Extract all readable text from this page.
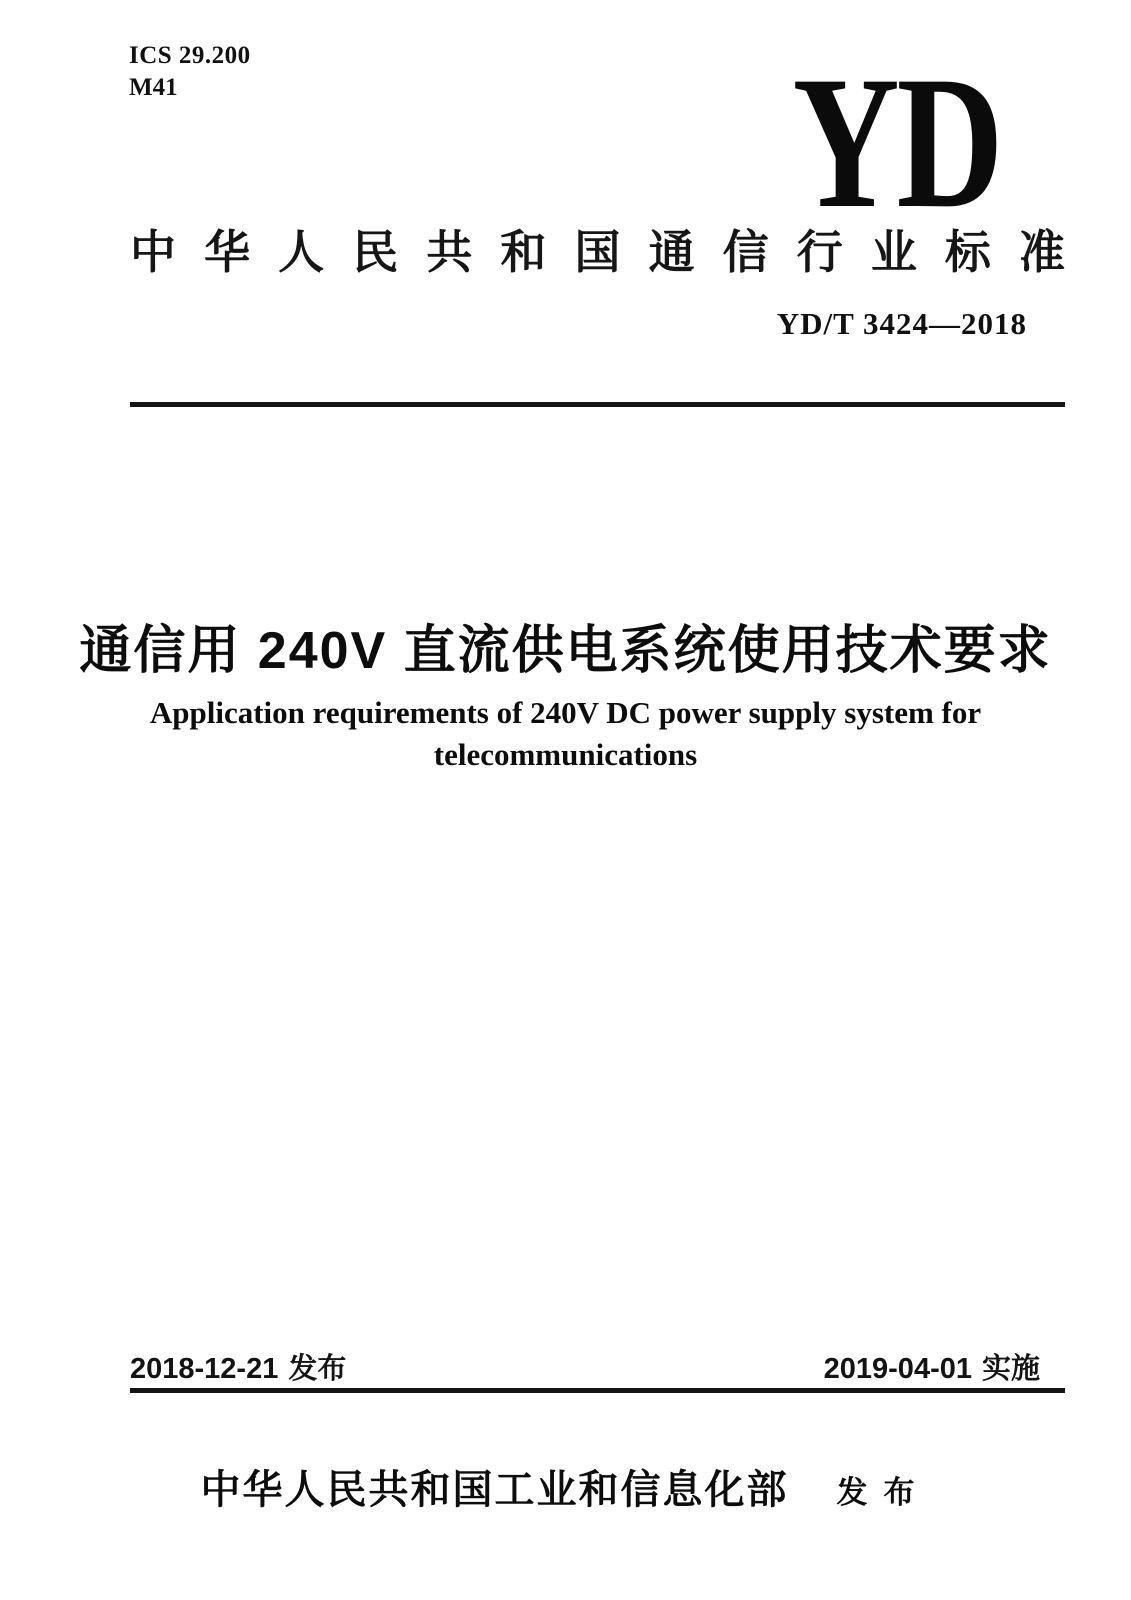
ICS 29.200
M41	YD
中华人民共和国通信行业标准
YD/T 3424—2018
通信用 240V 直流供电系统使用技术要求
Application requirements of 240V DC power supply system for
telecommunications
2018-12-21 发布	2019-04-01 实施
中华人民共和国工业和信息化部 发布
